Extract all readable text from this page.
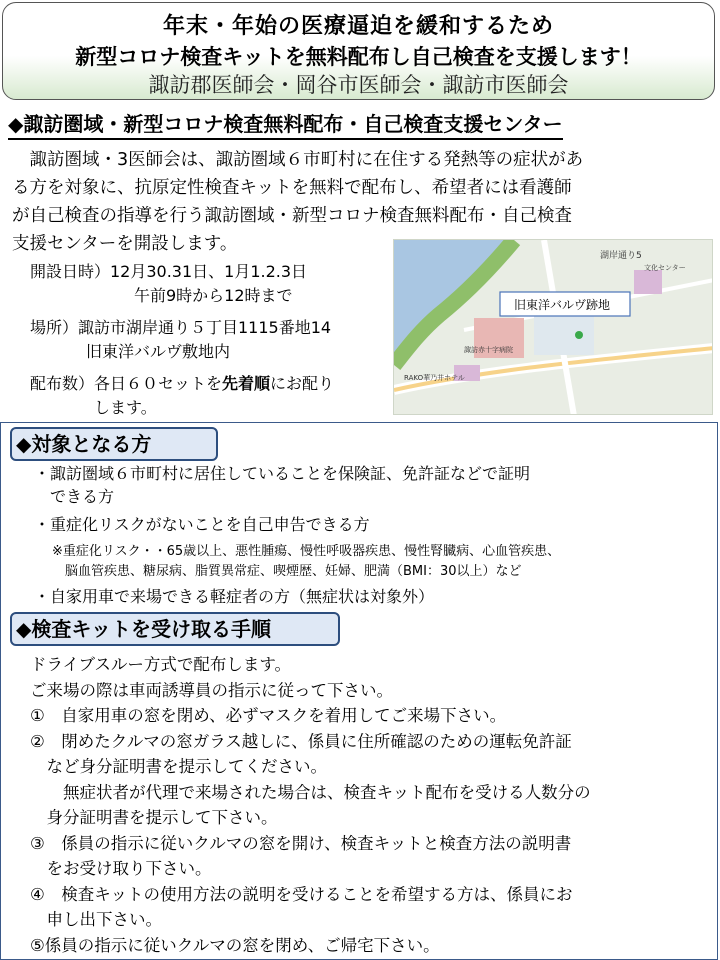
年末・年始の医療逼迫を緩和するため
新型コロナ検査キットを無料配布し自己検査を支援します！
諏訪郡医師会・岡谷市医師会・諏訪市医師会
◆諏訪圏域・新型コロナ検査無料配布・自己検査支援センター
　諏訪圏域・3医師会は、諏訪圏域６市町村に在住する発熱等の症状があ
る方を対象に、抗原定性検査キットを無料で配布し、希望者には看護師
が自己検査の指導を行う諏訪圏域・新型コロナ検査無料配布・自己検査
支援センターを開設します。
開設日時）12月30.31日、1月1.2.3日
午前9時から12時まで
場所）諏訪市湖岸通り５丁目1115番地14
旧東洋バルヴ敷地内
配布数）各日６０セットを先着順にお配り
します。
旧東洋バルヴ跡地
湖岸通り5
諏訪赤十字病院
RAKO華乃井ホテル
文化センター
◆対象となる方
・諏訪圏域６市町村に居住していることを保険証、免許証などで証明
　できる方
・重症化リスクがないことを自己申告できる方
※重症化リスク・・65歳以上、悪性腫瘍、慢性呼吸器疾患、慢性腎臓病、心血管疾患、
　脳血管疾患、糖尿病、脂質異常症、喫煙歴、妊婦、肥満（BMI：30以上）など
・自家用車で来場できる軽症者の方（無症状は対象外）
◆検査キットを受け取る手順
ドライブスルー方式で配布します。
ご来場の際は車両誘導員の指示に従って下さい。
①　自家用車の窓を閉め、必ずマスクを着用してご来場下さい。
②　閉めたクルマの窓ガラス越しに、係員に住所確認のための運転免許証
　など身分証明書を提示してください。
　　無症状者が代理で来場された場合は、検査キット配布を受ける人数分の
　身分証明書を提示して下さい。
③　係員の指示に従いクルマの窓を開け、検査キットと検査方法の説明書
　をお受け取り下さい。
④　検査キットの使用方法の説明を受けることを希望する方は、係員にお
　申し出下さい。
⑤係員の指示に従いクルマの窓を閉め、ご帰宅下さい。
